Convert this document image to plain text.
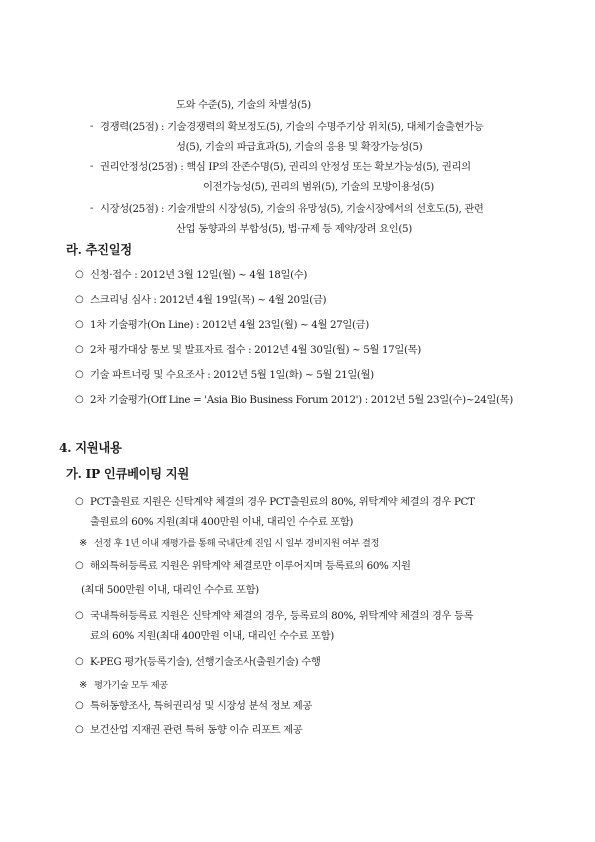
도와 수준(5), 기술의 차별성(5)
- 경쟁력(25점) : 기술경쟁력의 확보정도(5), 기술의 수명주기상 위치(5), 대체기술출현가능
성(5), 기술의 파급효과(5), 기술의 응용 및 확장가능성(5)
- 권리안정성(25점) : 핵심 IP의 잔존수명(5), 권리의 안정성 또는 확보가능성(5), 권리의
이전가능성(5), 권리의 범위(5), 기술의 모방이용성(5)
- 시장성(25점) : 기술개발의 시장성(5), 기술의 유망성(5), 기술시장에서의 선호도(5), 관련
산업 동향과의 부합성(5), 법·규제 등 제약/장려 요인(5)
라. 추진일정
○ 신청·접수 : 2012년 3월 12일(월) ~ 4월 18일(수)
○ 스크리닝 심사 : 2012년 4월 19일(목) ~ 4월 20일(금)
○ 1차 기술평가(On Line) : 2012년 4월 23일(월) ~ 4월 27일(금)
○ 2차 평가대상 통보 및 발표자료 접수 : 2012년 4월 30일(월) ~ 5월 17일(목)
○ 기술 파트너링 및 수요조사 : 2012년 5월 1일(화) ~ 5월 21일(월)
○ 2차 기술평가(Off Line = 'Asia Bio Business Forum 2012') : 2012년 5월 23일(수)~24일(목)
4. 지원내용
가. IP 인큐베이팅 지원
○ PCT출원료 지원은 신탁계약 체결의 경우 PCT출원료의 80%, 위탁계약 체결의 경우 PCT
출원료의 60% 지원(최대 400만원 이내, 대리인 수수료 포함)
※ 선정 후 1년 이내 재평가를 통해 국내단계 진입 시 일부 경비지원 여부 결정
○ 해외특허등록료 지원은 위탁계약 체결로만 이루어지며 등록료의 60% 지원
(최대 500만원 이내, 대리인 수수료 포함)
○ 국내특허등록료 지원은 신탁계약 체결의 경우, 등록료의 80%, 위탁계약 체결의 경우 등록
료의 60% 지원(최대 400만원 이내, 대리인 수수료 포함)
○ K-PEG 평가(등록기술), 선행기술조사(출원기술) 수행
※ 평가기술 모두 제공
○ 특허동향조사, 특허권리성 및 시장성 분석 정보 제공
○ 보건산업 지재권 관련 특허 동향 이슈 리포트 제공
